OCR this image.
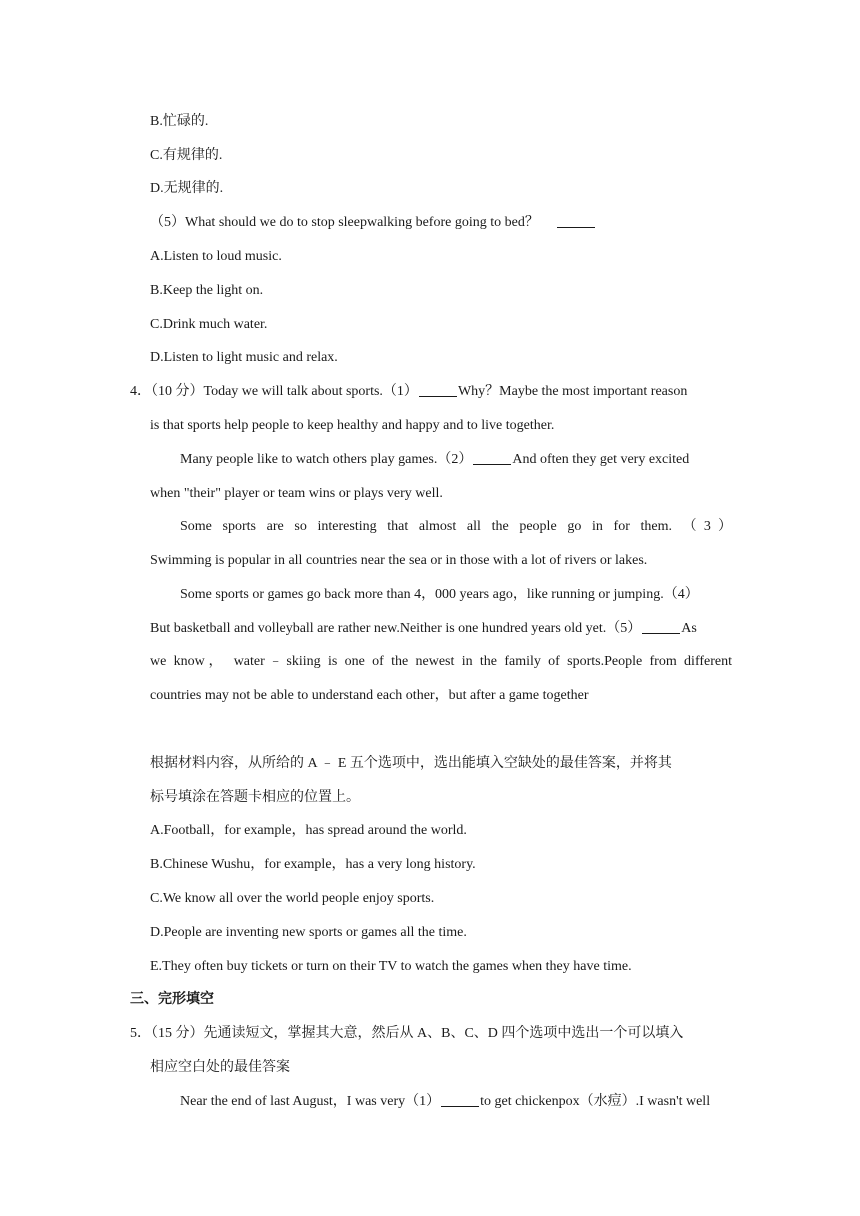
B.忙碌的.
C.有规律的.
D.无规律的.
（5）What should we do to stop sleepwalking before going to bed？
A.Listen to loud music.
B.Keep the light on.
C.Drink much water.
D.Listen to light music and relax.
4．（10 分）Today we will talk about sports.（1）	Why？Maybe the most important reason
is that sports help people to keep healthy and happy and to live together.
Many people like to watch others play games.（2）	And often they get very excited
when "their" player or team wins or plays very well.
Some sports are so interesting that almost all the people go in for them. （3）
Swimming is popular in all countries near the sea or in those with a lot of rivers or lakes.
Some sports or games go back more than 4，000 years ago，like running or jumping.（4）
But basketball and volleyball are rather new.Neither is one hundred years old yet.（5）	As
we know， water﹣skiing is one of the newest in the family of sports.People from different
countries may not be able to understand each other，but after a game together
根据材料内容，从所给的 A ﹣ E 五个选项中，选出能填入空缺处的最佳答案，并将其
标号填涂在答题卡相应的位置上。
A.Football，for example，has spread around the world.
B.Chinese Wushu，for example，has a very long history.
C.We know all over the world people enjoy sports.
D.People are inventing new sports or games all the time.
E.They often buy tickets or turn on their TV to watch the games when they have time.
三、完形填空
5．（15 分）先通读短文，掌握其大意，然后从 A、B、C、D 四个选项中选出一个可以填入
相应空白处的最佳答案
Near the end of last August，I was very（1）	to get chickenpox（水痘）.I wasn't well
